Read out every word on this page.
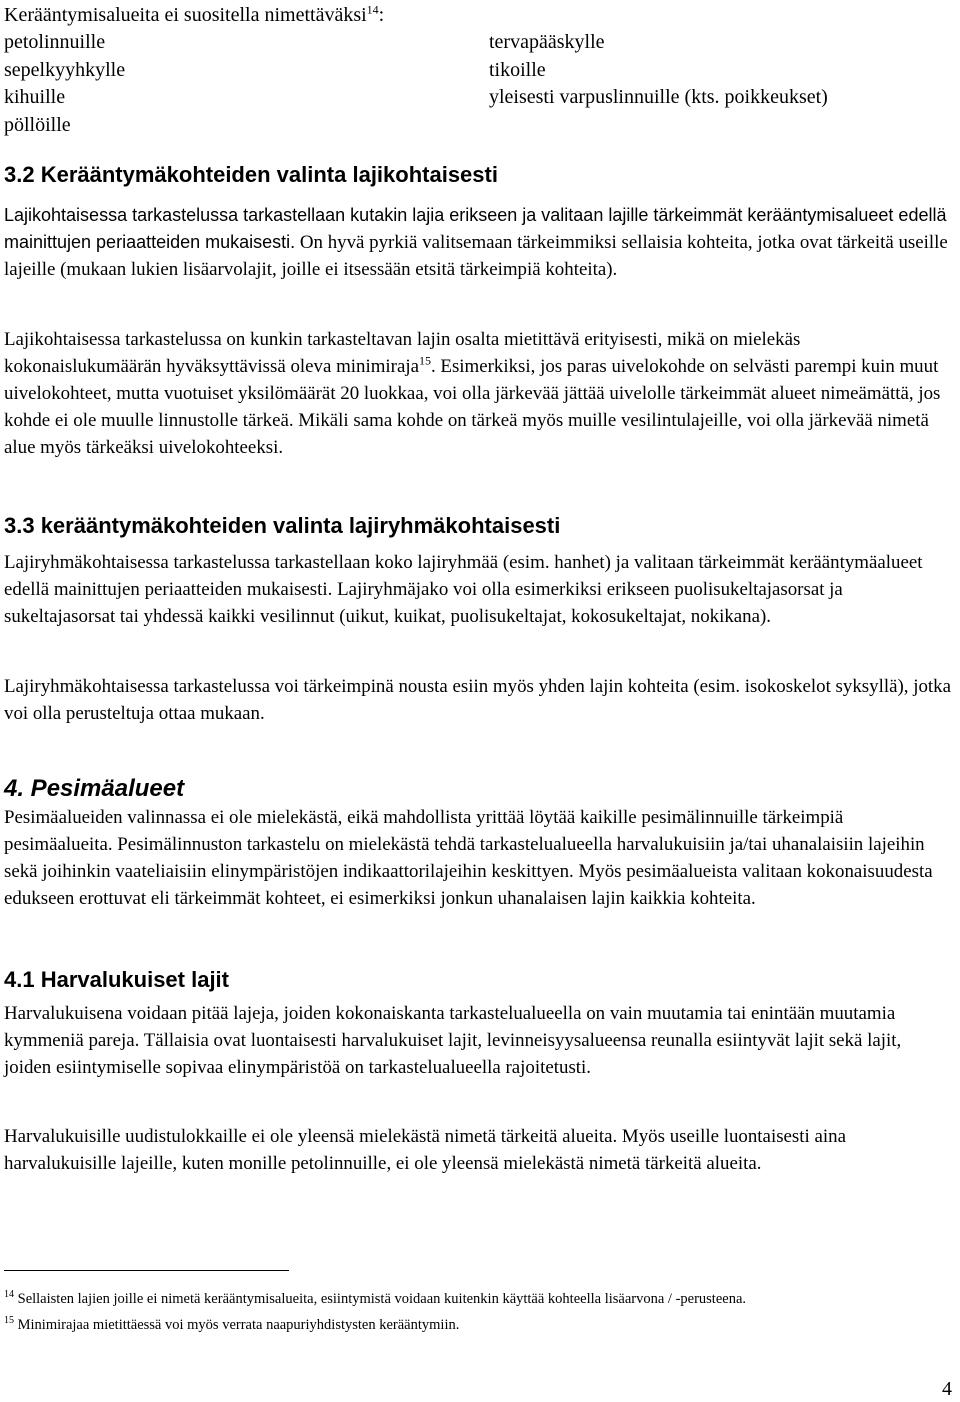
Kerääntymisalueita ei suositella nimettäväksi$^{14}$:
petolinnuille
sepelkyyhkylle
kihuille
pöllöille
tervapääskylle
tikoille
yleisesti varpuslinnuille (kts. poikkeukset)
3.2 Kerääntymäkohteiden valinta lajikohtaisesti
Lajikohtaisessa tarkastelussa tarkastellaan kutakin lajia erikseen ja valitaan lajille tärkeimmät kerääntymisalueet edellä mainittujen periaatteiden mukaisesti. On hyvä pyrkiä valitsemaan tärkeimmiksi sellaisia kohteita, jotka ovat tärkeitä useille lajeille (mukaan lukien lisäarvolajit, joille ei itsessään etsitä tärkeimpiä kohteita).
Lajikohtaisessa tarkastelussa on kunkin tarkasteltavan lajin osalta mietittävä erityisesti, mikä on mielekäs kokonaislukumäärän hyväksyttävissä oleva minimiraja$^{15}$. Esimerkiksi, jos paras uivelokohde on selvästi parempi kuin muut uivelokohteet, mutta vuotuiset yksilömäärät 20 luokkaa, voi olla järkevää jättää uivelolle tärkeimmät alueet nimeämättä, jos kohde ei ole muulle linnustolle tärkeä. Mikäli sama kohde on tärkeä myös muille vesilintulajeille, voi olla järkevää nimetä alue myös tärkeäksi uivelokohteeksi.
3.3 kerääntymäkohteiden valinta lajiryhmäkohtaisesti
Lajiryhmäkohtaisessa tarkastelussa tarkastellaan koko lajiryhmää (esim. hanhet) ja valitaan tärkeimmät kerääntymäalueet edellä mainittujen periaatteiden mukaisesti. Lajiryhmäjako voi olla esimerkiksi erikseen puolisukeltajasorsat ja sukeltajasorsat tai yhdessä kaikki vesilinnut (uikut, kuikat, puolisukeltajat, kokosukeltajat, nokikana).
Lajiryhmäkohtaisessa tarkastelussa voi tärkeimpinä nousta esiin myös yhden lajin kohteita (esim. isokoskelot syksyllä), jotka voi olla perusteltuja ottaa mukaan.
4. Pesimäalueet
Pesimäalueiden valinnassa ei ole mielekästä, eikä mahdollista yrittää löytää kaikille pesimälinnuille tärkeimpiä pesimäalueita. Pesimälinnuston tarkastelu on mielekästä tehdä tarkastelualueella harvalukuisiin ja/tai uhanalaisiin lajeihin sekä joihinkin vaateliaisiin elinympäristöjen indikaattorilajeihin keskittyen. Myös pesimäalueista valitaan kokonaisuudesta edukseen erottuvat eli tärkeimmät kohteet, ei esimerkiksi jonkun uhanalaisen lajin kaikkia kohteita.
4.1 Harvalukuiset lajit
Harvalukuisena voidaan pitää lajeja, joiden kokonaiskanta tarkastelualueella on vain muutamia tai enintään muutamia kymmeniä pareja. Tällaisia ovat luontaisesti harvalukuiset lajit, levinneisyysalueensa reunalla esiintyvät lajit sekä lajit, joiden esiintymiselle sopivaa elinympäristöä on tarkastelualueella rajoitetusti.
Harvalukuisille uudistulokkaille ei ole yleensä mielekästä nimetä tärkeitä alueita. Myös useille luontaisesti aina harvalukuisille lajeille, kuten monille petolinnuille, ei ole yleensä mielekästä nimetä tärkeitä alueita.
$^{14}$ Sellaisten lajien joille ei nimetä kerääntymisalueita, esiintymistä voidaan kuitenkin käyttää kohteella lisäarvona / -perusteena.
$^{15}$ Minimirajaa mietittäessä voi myös verrata naapuriyhdistysten kerääntymiin.
4
